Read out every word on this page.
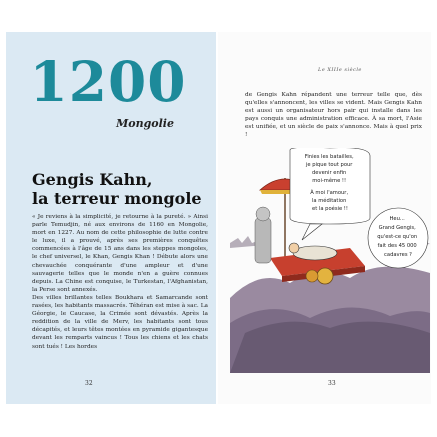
1200
Mongolie
Gengis Kahn,
la terreur mongole

« Je reviens à la simplicité, je retourne à la pureté. » Ainsi parle Temudjin, né aux environs de 1160 en Mongolie, mort en 1227. Au nom de cette philosophie de lutte contre le luxe, il a prouvé, après ses premières conquêtes commencées à l'âge de 15 ans dans les steppes mongoles, le chef universel, le Khan, Gengis Khan ! Débute alors une chevauchée conquérante d'une ampleur et d'une sauvagerie telles que le monde n'en a guère connues depuis. La Chine est conquise, le Turkestan, l'Afghanistan, la Perse sont annexés.

Des villes brillantes telles Boukhara et Samarcande sont rasées, les habitants massacrés. Téhéran est mise à sac. La Géorgie, le Caucase, la Crimée sont dévastés. Après la reddition de la ville de Merv, les habitants sont tous décapités, et leurs têtes montées en pyramide gigantesque devant les remparts vaincus ! Tous les chiens et les chats sont tués ! Les hordes

32
Le XIIIe siècle
de Gengis Kahn répandent une terreur telle que, dès qu'elles s'annoncent, les villes se vident. Mais Gengis Kahn est aussi un organisateur hors pair qui installe dans les pays conquis une administration efficace. À sa mort, l'Asie est unifiée, et un siècle de paix s'annonce. Mais à quel prix !
Finies les batailles, je pique tout pour devenir enfin moi-même !! À moi l'amour, la méditation et la poésie !!
Heu... Grand Gengis, qu'est-ce qu'on fait des 45 000 cadavres ?
33
